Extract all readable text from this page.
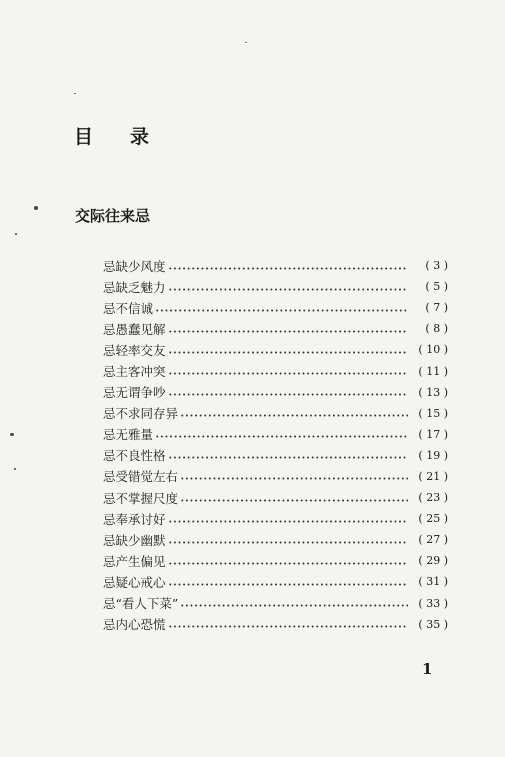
目 录
交际往来忌
忌缺少风度	( 3 )
忌缺乏魅力	( 5 )
忌不信诚	( 7 )
忌愚蠢见解	( 8 )
忌轻率交友	( 10 )
忌主客冲突	( 11 )
忌无谓争吵	( 13 )
忌不求同存异	( 15 )
忌无雅量	( 17 )
忌不良性格	( 19 )
忌受错觉左右	( 21 )
忌不掌握尺度	( 23 )
忌奉承讨好	( 25 )
忌缺少幽默	( 27 )
忌产生偏见	( 29 )
忌疑心戒心	( 31 )
忌“看人下菜”	( 33 )
忌内心恐慌	( 35 )
1
